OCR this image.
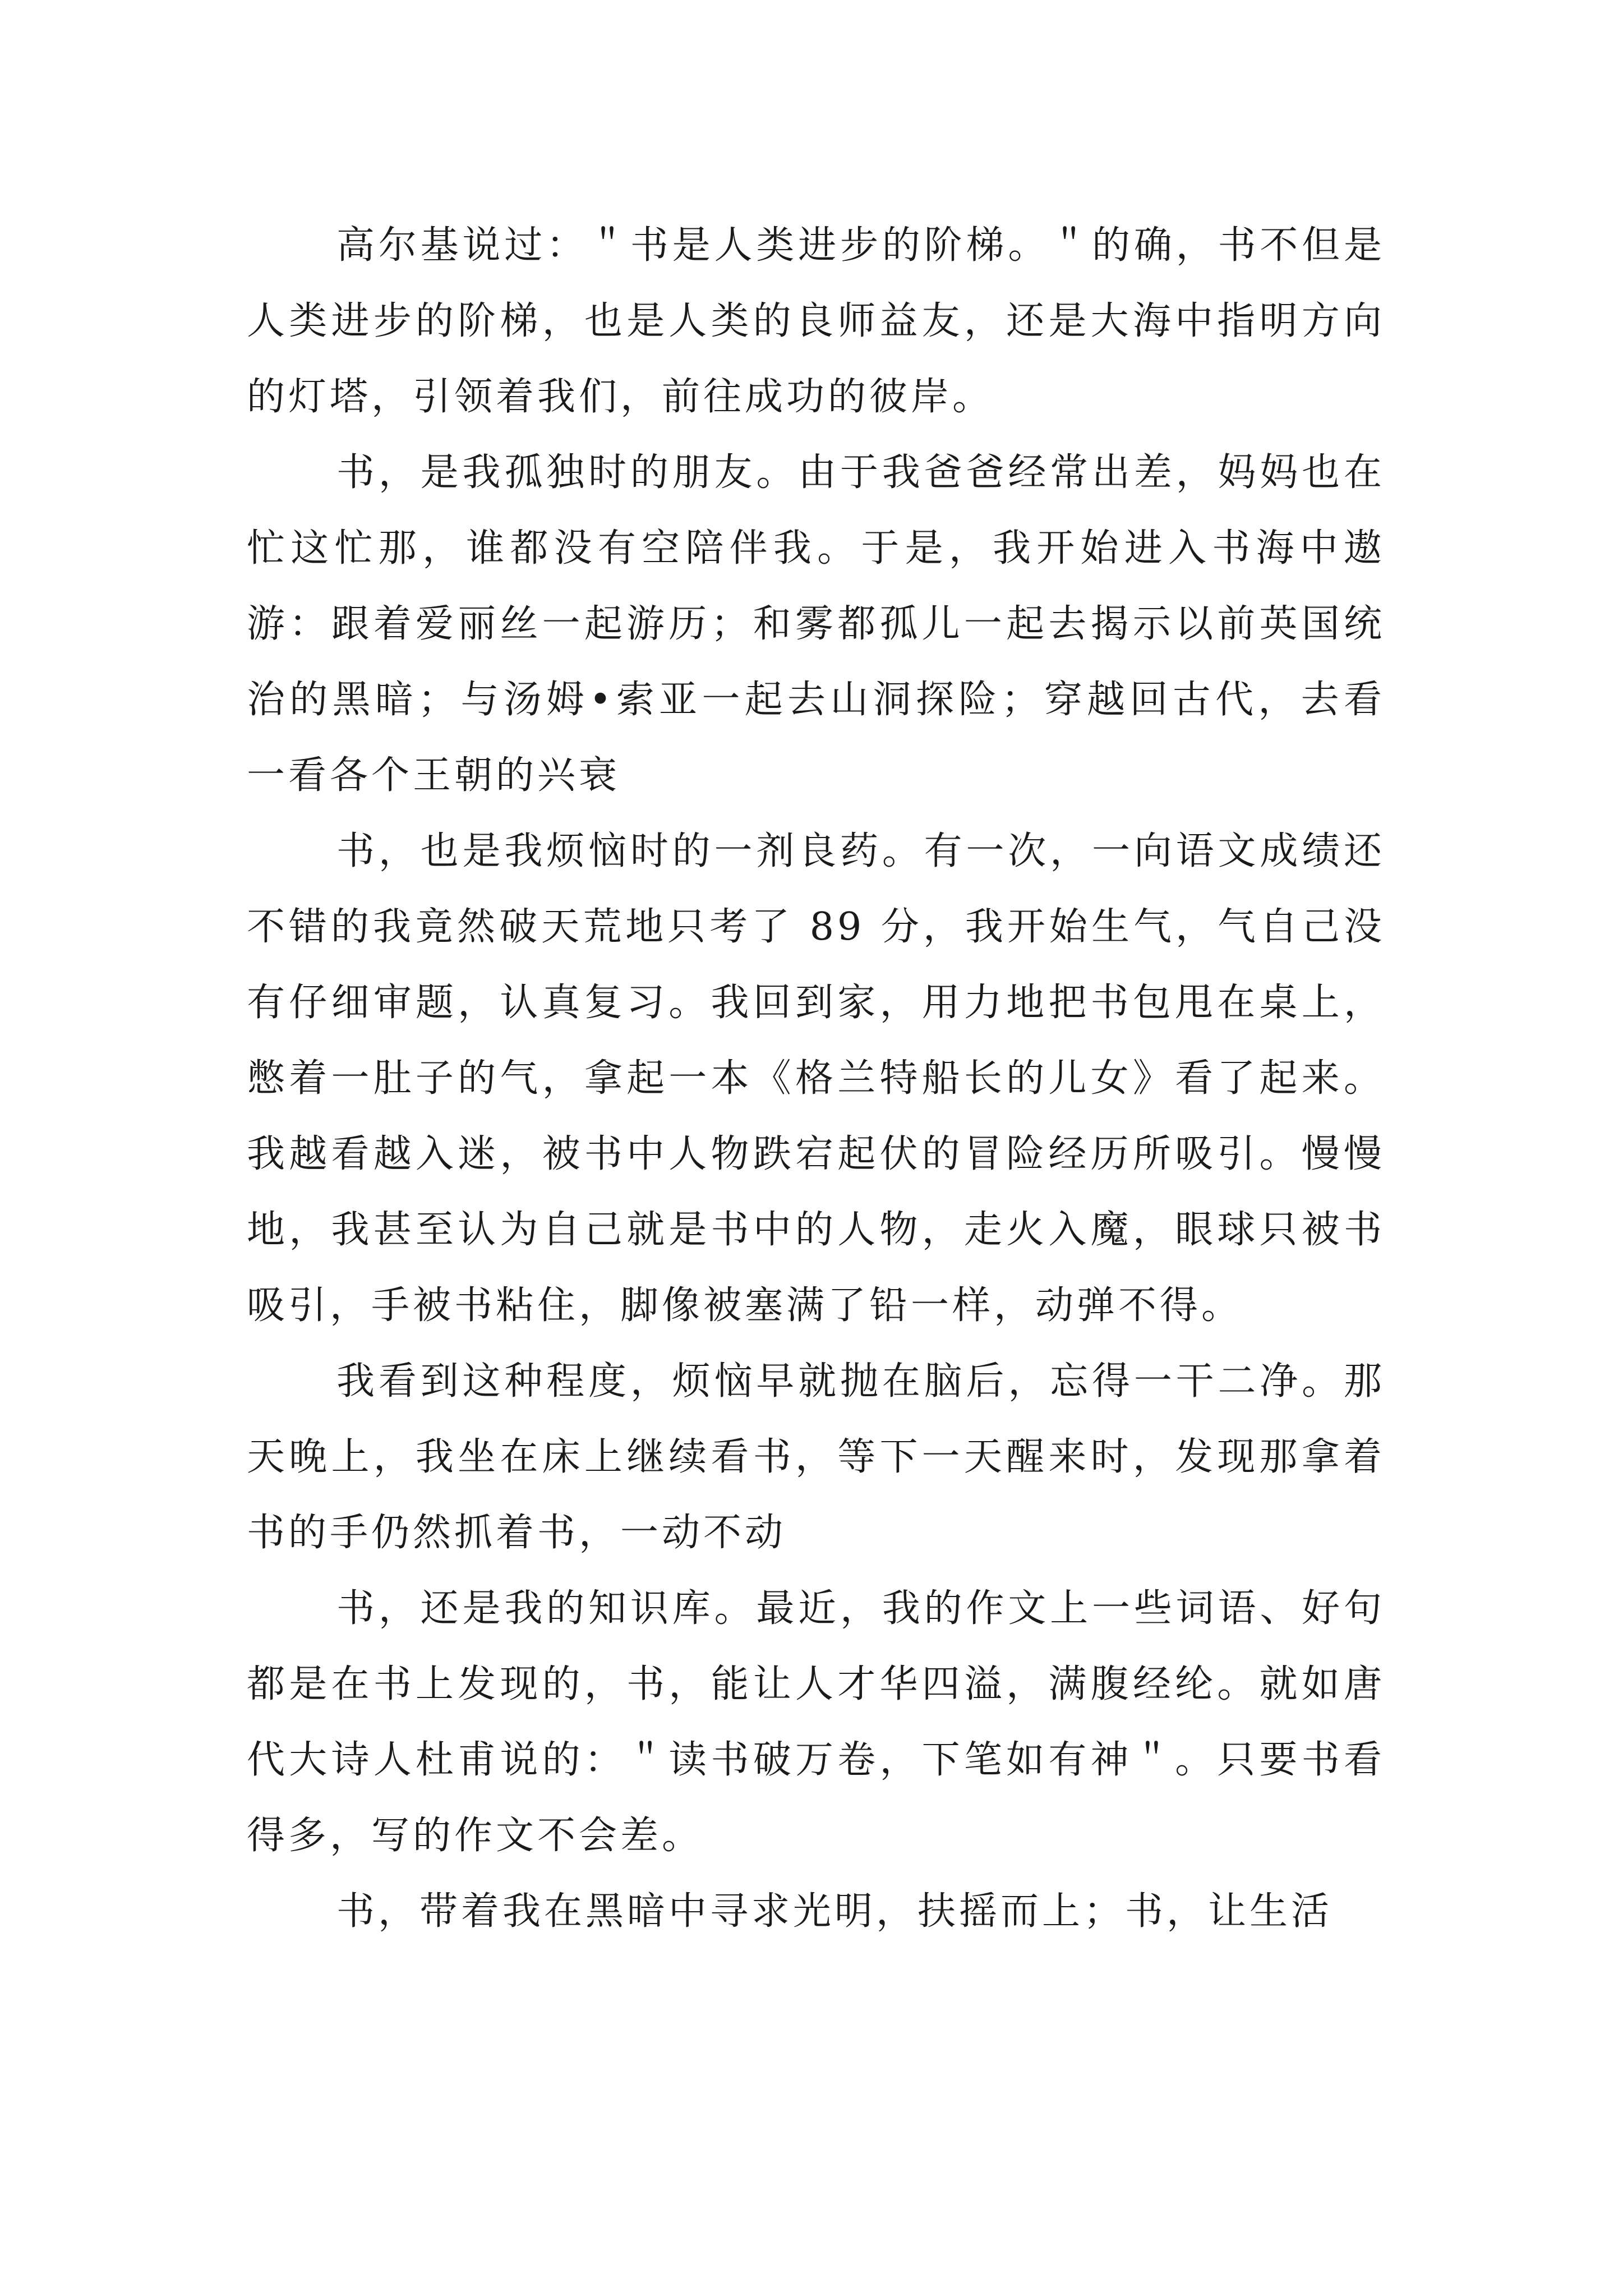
高尔基说过：＂书是人类进步的阶梯。＂的确，书不但是人类进步的阶梯，也是人类的良师益友，还是大海中指明方向的灯塔，引领着我们，前往成功的彼岸。

书，是我孤独时的朋友。由于我爸爸经常出差，妈妈也在忙这忙那，谁都没有空陪伴我。于是，我开始进入书海中遨游：跟着爱丽丝一起游历；和雾都孤儿一起去揭示以前英国统治的黑暗；与汤姆•索亚一起去山洞探险；穿越回古代，去看一看各个王朝的兴衰

书，也是我烦恼时的一剂良药。有一次，一向语文成绩还不错的我竟然破天荒地只考了 89 分，我开始生气，气自己没有仔细审题，认真复习。我回到家，用力地把书包甩在桌上，憋着一肚子的气，拿起一本《格兰特船长的儿女》看了起来。我越看越入迷，被书中人物跌宕起伏的冒险经历所吸引。慢慢地，我甚至认为自己就是书中的人物，走火入魔，眼球只被书吸引，手被书粘住，脚像被塞满了铅一样，动弹不得。

我看到这种程度，烦恼早就抛在脑后，忘得一干二净。那天晚上，我坐在床上继续看书，等下一天醒来时，发现那拿着书的手仍然抓着书，一动不动

书，还是我的知识库。最近，我的作文上一些词语、好句都是在书上发现的，书，能让人才华四溢，满腹经纶。就如唐代大诗人杜甫说的：＂读书破万卷，下笔如有神＂。只要书看得多，写的作文不会差。

书，带着我在黑暗中寻求光明，扶摇而上；书，让生活
